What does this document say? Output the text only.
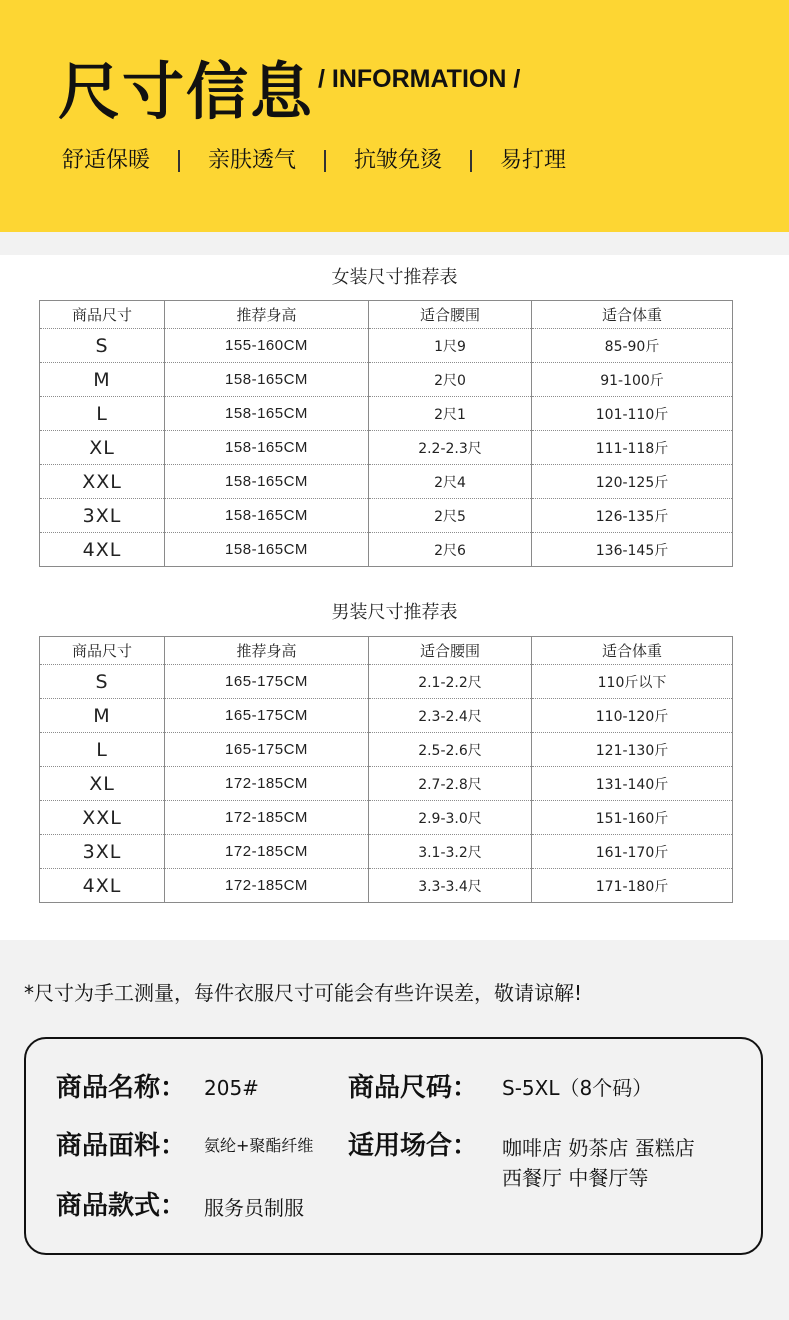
尺寸信息 / INFORMATION /
舒适保暖	亲肤透气	抗皱免烫	易打理
女装尺寸推荐表
商品尺寸	推荐身高	适合腰围	适合体重
S	155-160CM	1尺9	85-90斤
M	158-165CM	2尺0	91-100斤
L	158-165CM	2尺1	101-110斤
XL	158-165CM	2.2-2.3尺	111-118斤
XXL	158-165CM	2尺4	120-125斤
3XL	158-165CM	2尺5	126-135斤
4XL	158-165CM	2尺6	136-145斤
男装尺寸推荐表
商品尺寸	推荐身高	适合腰围	适合体重
S	165-175CM	2.1-2.2尺	110斤以下
M	165-175CM	2.3-2.4尺	110-120斤
L	165-175CM	2.5-2.6尺	121-130斤
XL	172-185CM	2.7-2.8尺	131-140斤
XXL	172-185CM	2.9-3.0尺	151-160斤
3XL	172-185CM	3.1-3.2尺	161-170斤
4XL	172-185CM	3.3-3.4尺	171-180斤
*尺寸为手工测量，每件衣服尺寸可能会有些许误差，敬请谅解!
商品名称： 205#	商品尺码： S-5XL（8个码）
商品面料： 氨纶+聚酯纤维 适用场合： 咖啡店 奶茶店 蛋糕店
西餐厅 中餐厅等
商品款式： 服务员制服
